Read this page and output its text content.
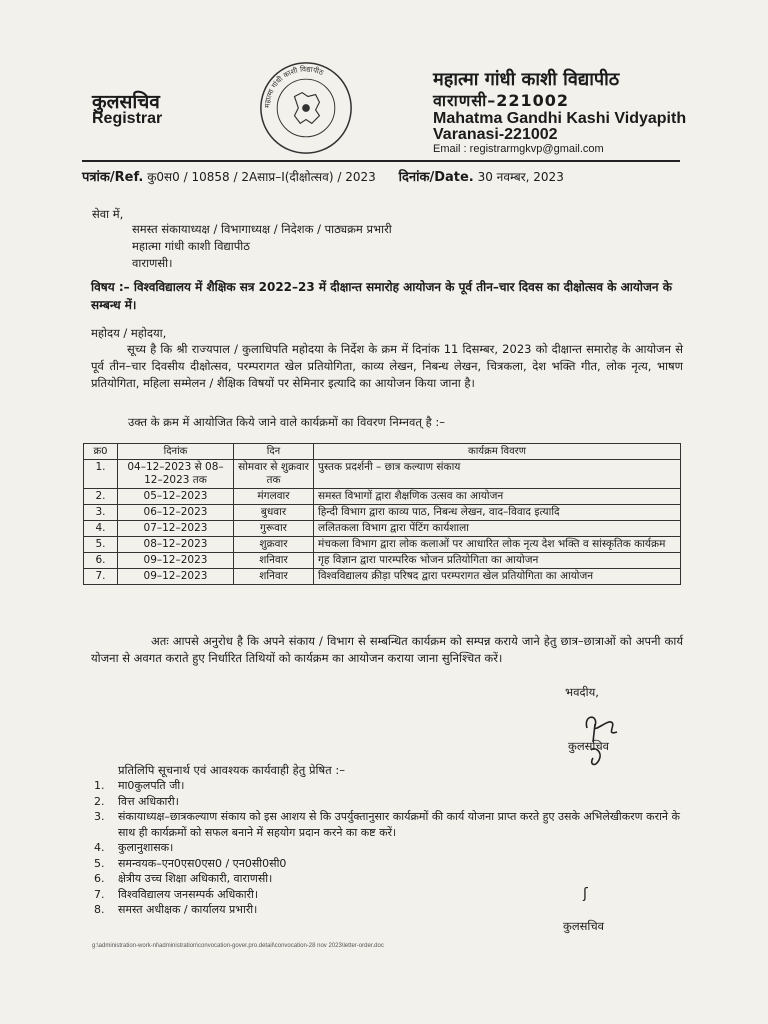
कुलसचिव
Registrar
महात्मा गांधी काशी विद्यापीठ	महात्मा गांधी काशी विद्यापीठ
वाराणसी–221002
Mahatma Gandhi Kashi Vidyapith
Varanasi-221002
Email : registrarmgkvp@gmail.com
पत्रांक/Ref. कु0स0 / 10858 / 2Aसाप्र–I(दीक्षोत्सव) / 2023 दिनांक/Date. 30 नवम्बर, 2023
सेवा में,
समस्त संकायाध्यक्ष / विभागाध्यक्ष / निदेशक / पाठ्यक्रम प्रभारी
महात्मा गांधी काशी विद्यापीठ
वाराणसी।
विषय :– विश्वविद्यालय में शैक्षिक सत्र 2022–23 में दीक्षान्त समारोह आयोजन के पूर्व तीन–चार दिवस का दीक्षोत्सव के आयोजन के सम्बन्ध में।
महोदय / महोदया,
सूच्य है कि श्री राज्यपाल / कुलाधिपति महोदया के निर्देश के क्रम में दिनांक 11 दिसम्बर, 2023 को दीक्षान्त समारोह के आयोजन से पूर्व तीन–चार दिवसीय दीक्षोत्सव, परम्परागत खेल प्रतियोगिता, काव्य लेखन, निबन्ध लेखन, चित्रकला, देश भक्ति गीत, लोक नृत्य, भाषण प्रतियोगिता, महिला सम्मेलन / शैक्षिक विषयों पर सेमिनार इत्यादि का आयोजन किया जाना है।
उक्त के क्रम में आयोजित किये जाने वाले कार्यक्रमों का विवरण निम्नवत् है :–
क्र0	दिनांक	दिन	कार्यक्रम विवरण
1.	04–12–2023 से 08–12–2023 तक	सोमवार से शुक्रवार तक	पुस्तक प्रदर्शनी – छात्र कल्याण संकाय
2.	05–12–2023	मंगलवार	समस्त विभागों द्वारा शैक्षणिक उत्सव का आयोजन
3.	06–12–2023	बुधवार	हिन्दी विभाग द्वारा काव्य पाठ, निबन्ध लेखन, वाद–विवाद इत्यादि
4.	07–12–2023	गुरूवार	ललितकला विभाग द्वारा पेंटिंग कार्यशाला
5.	08–12–2023	शुक्रवार	मंचकला विभाग द्वारा लोक कलाओं पर आधारित लोक नृत्य देश भक्ति व सांस्कृतिक कार्यक्रम
6.	09–12–2023	शनिवार	गृह विज्ञान द्वारा पारम्परिक भोजन प्रतियोगिता का आयोजन
7.	09–12–2023	शनिवार	विश्वविद्यालय क्रीड़ा परिषद द्वारा परम्परागत खेल प्रतियोगिता का आयोजन
अतः आपसे अनुरोध है कि अपने संकाय / विभाग से सम्बन्धित कार्यक्रम को सम्पन्न कराये जाने हेतु छात्र–छात्राओं को अपनी कार्य योजना से अवगत कराते हुए निर्धारित तिथियों को कार्यक्रम का आयोजन कराया जाना सुनिश्चित करें।
भवदीय,
कुलसचिव
प्रतिलिपि सूचनार्थ एवं आवश्यक कार्यवाही हेतु प्रेषित :–
1.	मा0कुलपति जी।
2.	वित्त अधिकारी।
3.	संकायाध्यक्ष–छात्रकल्याण संकाय को इस आशय से कि उपर्युक्तानुसार कार्यक्रमों की कार्य योजना प्राप्त करते हुए उसके अभिलेखीकरण कराने के साथ ही कार्यक्रमों को सफल बनाने में सहयोग प्रदान करने का कष्ट करें।
4.	कुलानुशासक।
5.	समन्वयक–एन0एस0एस0 / एन0सी0सी0
6.	क्षेत्रीय उच्च शिक्षा अधिकारी, वाराणसी।
7.	विश्वविद्यालय जनसम्पर्क अधिकारी।
8.	समस्त अधीक्षक / कार्यालय प्रभारी।
ʃ
कुलसचिव
g:\administration-work-nl\administration\convocation-gover.pro.detail\convocation-28 nov 2023\letter-order.doc
